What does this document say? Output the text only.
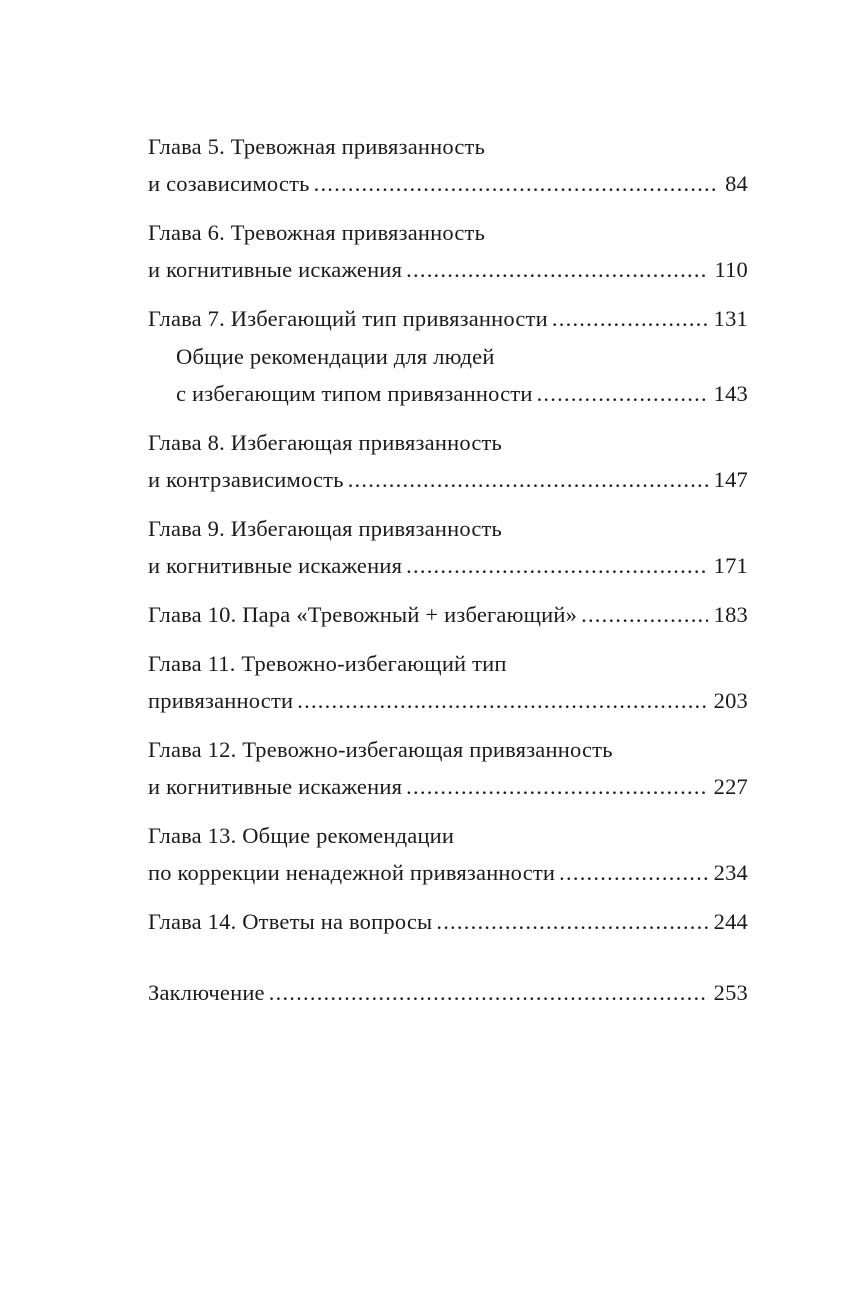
Глава 5. Тревожная привязанность
и созависимость . . .	84
Глава 6. Тревожная привязанность
и когнитивные искажения . . .	110
Глава 7. Избегающий тип привязанности . . .	131
Общие рекомендации для людей
с избегающим типом привязанности . . .	143
Глава 8. Избегающая привязанность
и контрзависимость . . .	147
Глава 9. Избегающая привязанность
и когнитивные искажения . . .	171
Глава 10. Пара «Тревожный + избегающий» . . .	183
Глава 11. Тревожно-избегающий тип
привязанности . . .	203
Глава 12. Тревожно-избегающая привязанность
и когнитивные искажения . . .	227
Глава 13. Общие рекомендации
по коррекции ненадежной привязанности . . .	234
Глава 14. Ответы на вопросы . . .	244
Заключение . . .	253
